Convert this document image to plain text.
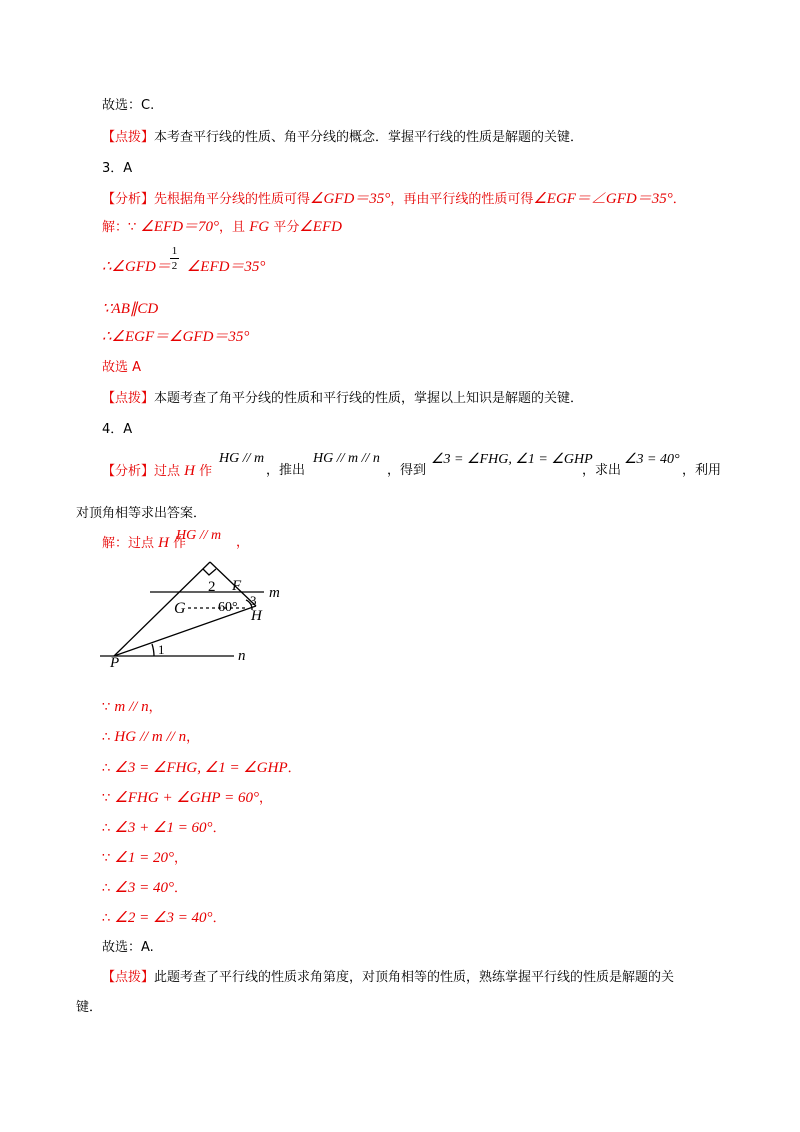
故选：C.
【点拨】本考查平行线的性质、角平分线的概念．掌握平行线的性质是解题的关键．
3．A
【分析】先根据角平分线的性质可得∠GFD＝35°，再由平行线的性质可得∠EGF＝∠GFD＝35°．
解：∵ ∠EFD＝70°，且 FG 平分∠EFD
∴∠GFD＝ ∠EFD＝35°
1
2
∵AB∥CD
∴∠EGF＝∠GFD＝35°
故选 A
【点拨】本题考查了角平分线的性质和平行线的性质，掌握以上知识是解题的关键．
4．A
【分析】过点 H 作
HG // m
，推出
HG // m // n
，得到
∠3 = ∠FHG, ∠1 = ∠GHP
，求出
∠3 = 40°
，利用
对顶角相等求出答案．
解：过点 H 作
HG // m ，
2 F m
G 60° 3
H
P
1	n
∵ m // n，
∴ HG // m // n，
∴ ∠3 = ∠FHG, ∠1 = ∠GHP．
∵ ∠FHG + ∠GHP = 60°，
∴ ∠3 + ∠1 = 60°．
∵ ∠1 = 20°，
∴ ∠3 = 40°．
∴ ∠2 = ∠3 = 40°．
故选：A.
【点拨】此题考查了平行线的性质求角第度，对顶角相等的性质，熟练掌握平行线的性质是解题的关
键．
